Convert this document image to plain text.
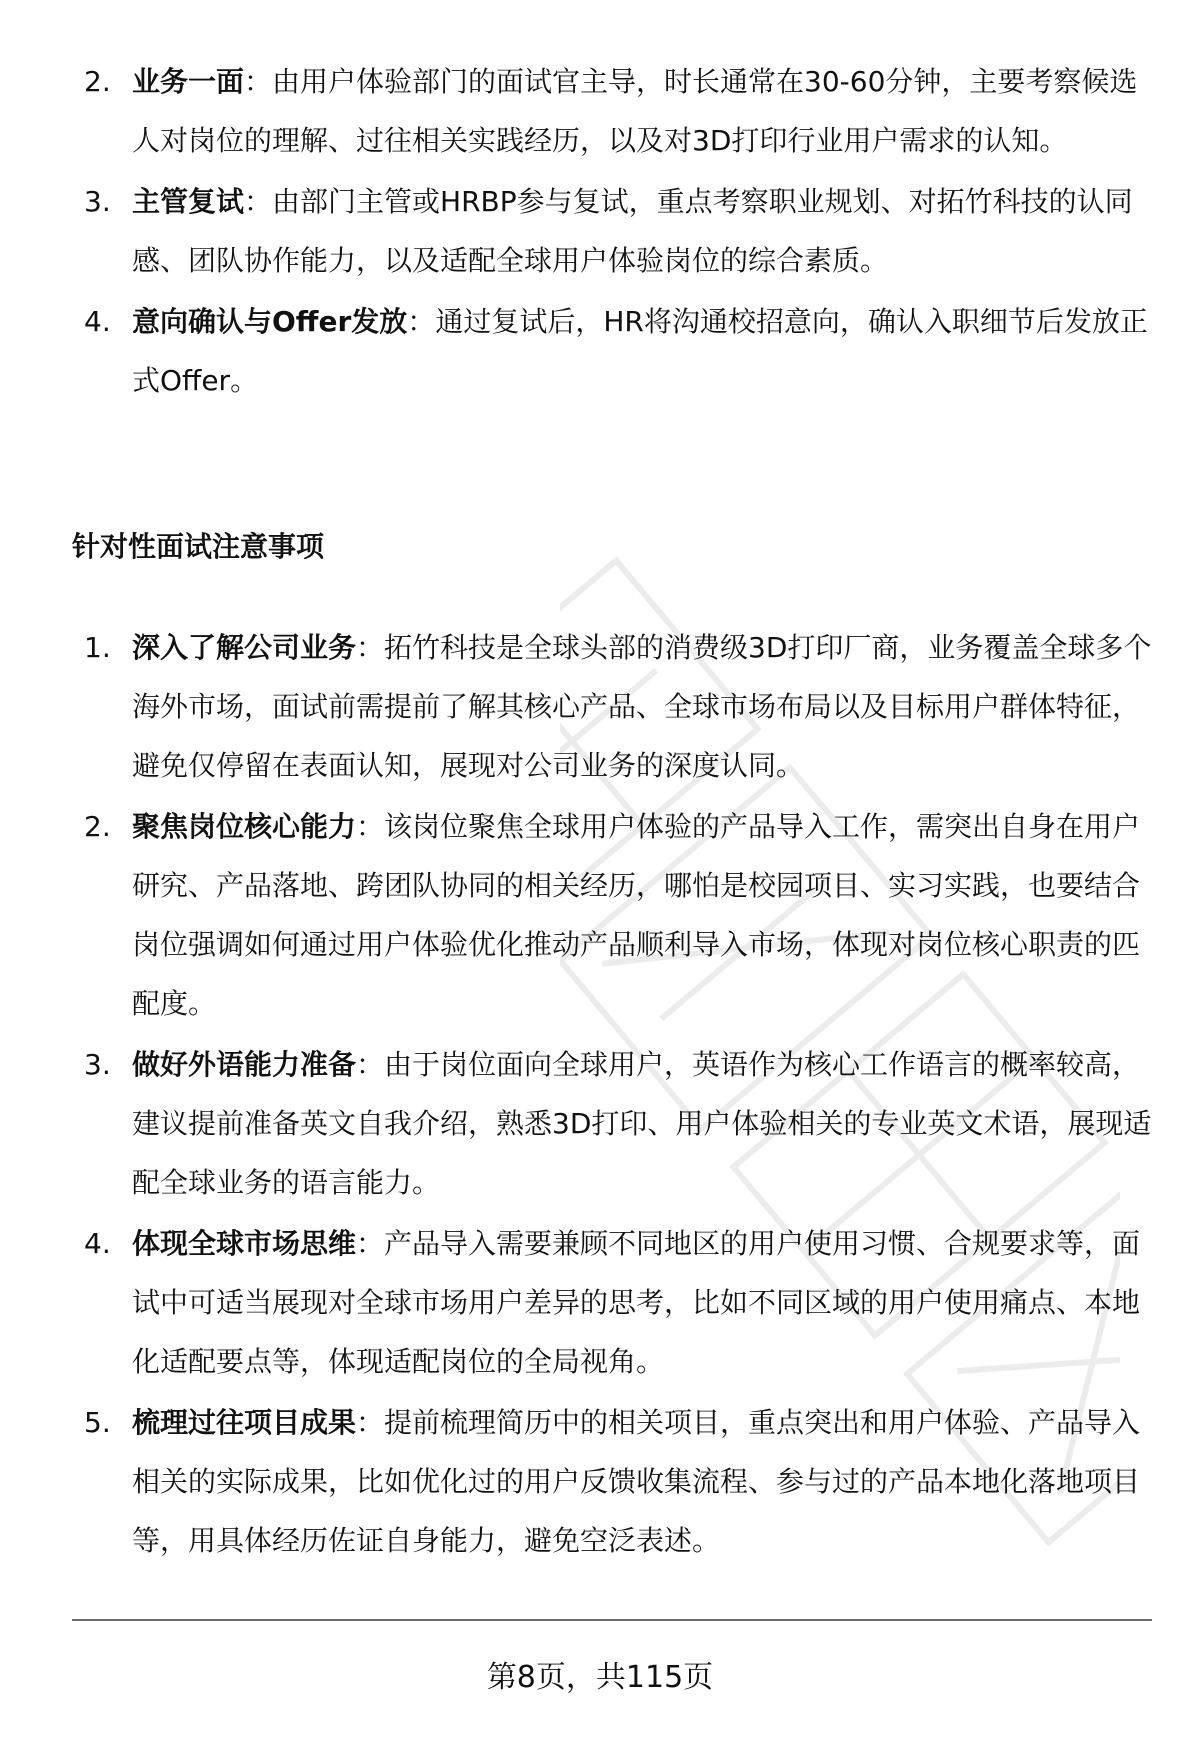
2. 业务一面：由用户体验部门的面试官主导，时长通常在30-60分钟，主要考察候选人对岗位的理解、过往相关实践经历，以及对3D打印行业用户需求的认知。
3. 主管复试：由部门主管或HRBP参与复试，重点考察职业规划、对拓竹科技的认同感、团队协作能力，以及适配全球用户体验岗位的综合素质。
4. 意向确认与Offer发放：通过复试后，HR将沟通校招意向，确认入职细节后发放正式Offer。
针对性面试注意事项
1. 深入了解公司业务：拓竹科技是全球头部的消费级3D打印厂商，业务覆盖全球多个海外市场，面试前需提前了解其核心产品、全球市场布局以及目标用户群体特征，避免仅停留在表面认知，展现对公司业务的深度认同。
2. 聚焦岗位核心能力：该岗位聚焦全球用户体验的产品导入工作，需突出自身在用户研究、产品落地、跨团队协同的相关经历，哪怕是校园项目、实习实践，也要结合岗位强调如何通过用户体验优化推动产品顺利导入市场，体现对岗位核心职责的匹配度。
3. 做好外语能力准备：由于岗位面向全球用户，英语作为核心工作语言的概率较高，建议提前准备英文自我介绍，熟悉3D打印、用户体验相关的专业英文术语，展现适配全球业务的语言能力。
4. 体现全球市场思维：产品导入需要兼顾不同地区的用户使用习惯、合规要求等，面试中可适当展现对全球市场用户差异的思考，比如不同区域的用户使用痛点、本地化适配要点等，体现适配岗位的全局视角。
5. 梳理过往项目成果：提前梳理简历中的相关项目，重点突出和用户体验、产品导入相关的实际成果，比如优化过的用户反馈收集流程、参与过的产品本地化落地项目等，用具体经历佐证自身能力，避免空泛表述。
第8页，共115页
